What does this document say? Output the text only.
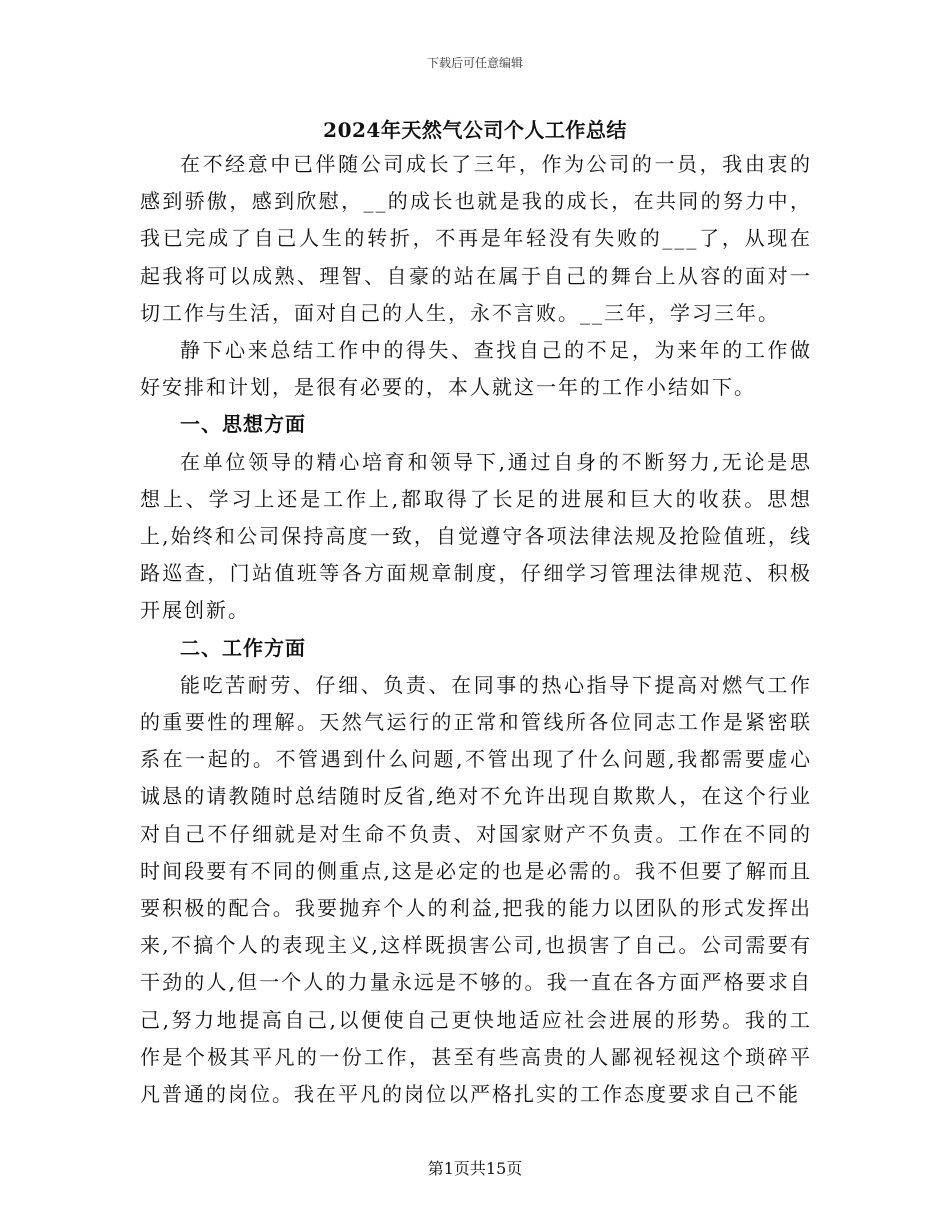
下载后可任意编辑
2024年天然气公司个人工作总结

在不经意中已伴随公司成长了三年，作为公司的一员，我由衷的感到骄傲，感到欣慰，__的成长也就是我的成长，在共同的努力中，我已完成了自己人生的转折，不再是年轻没有失败的___了，从现在起我将可以成熟、理智、自豪的站在属于自己的舞台上从容的面对一切工作与生活，面对自己的人生，永不言败。__三年，学习三年。

静下心来总结工作中的得失、查找自己的不足，为来年的工作做好安排和计划，是很有必要的，本人就这一年的工作小结如下。

一、思想方面

在单位领导的精心培育和领导下,通过自身的不断努力,无论是思想上、学习上还是工作上,都取得了长足的进展和巨大的收获。思想上,始终和公司保持高度一致，自觉遵守各项法律法规及抢险值班，线路巡查，门站值班等各方面规章制度，仔细学习管理法律规范、积极开展创新。

二、工作方面

能吃苦耐劳、仔细、负责、在同事的热心指导下提高对燃气工作的重要性的理解。天然气运行的正常和管线所各位同志工作是紧密联系在一起的。不管遇到什么问题,不管出现了什么问题,我都需要虚心诚恳的请教随时总结随时反省,绝对不允许出现自欺欺人，在这个行业对自己不仔细就是对生命不负责、对国家财产不负责。工作在不同的时间段要有不同的侧重点,这是必定的也是必需的。我不但要了解而且要积极的配合。我要抛弃个人的利益,把我的能力以团队的形式发挥出来,不搞个人的表现主义,这样既损害公司,也损害了自己。公司需要有干劲的人,但一个人的力量永远是不够的。我一直在各方面严格要求自己,努力地提高自己,以便使自己更快地适应社会进展的形势。我的工作是个极其平凡的一份工作，甚至有些高贵的人鄙视轻视这个琐碎平凡普通的岗位。我在平凡的岗位以严格扎实的工作态度要求自己不能

第1页共15页
